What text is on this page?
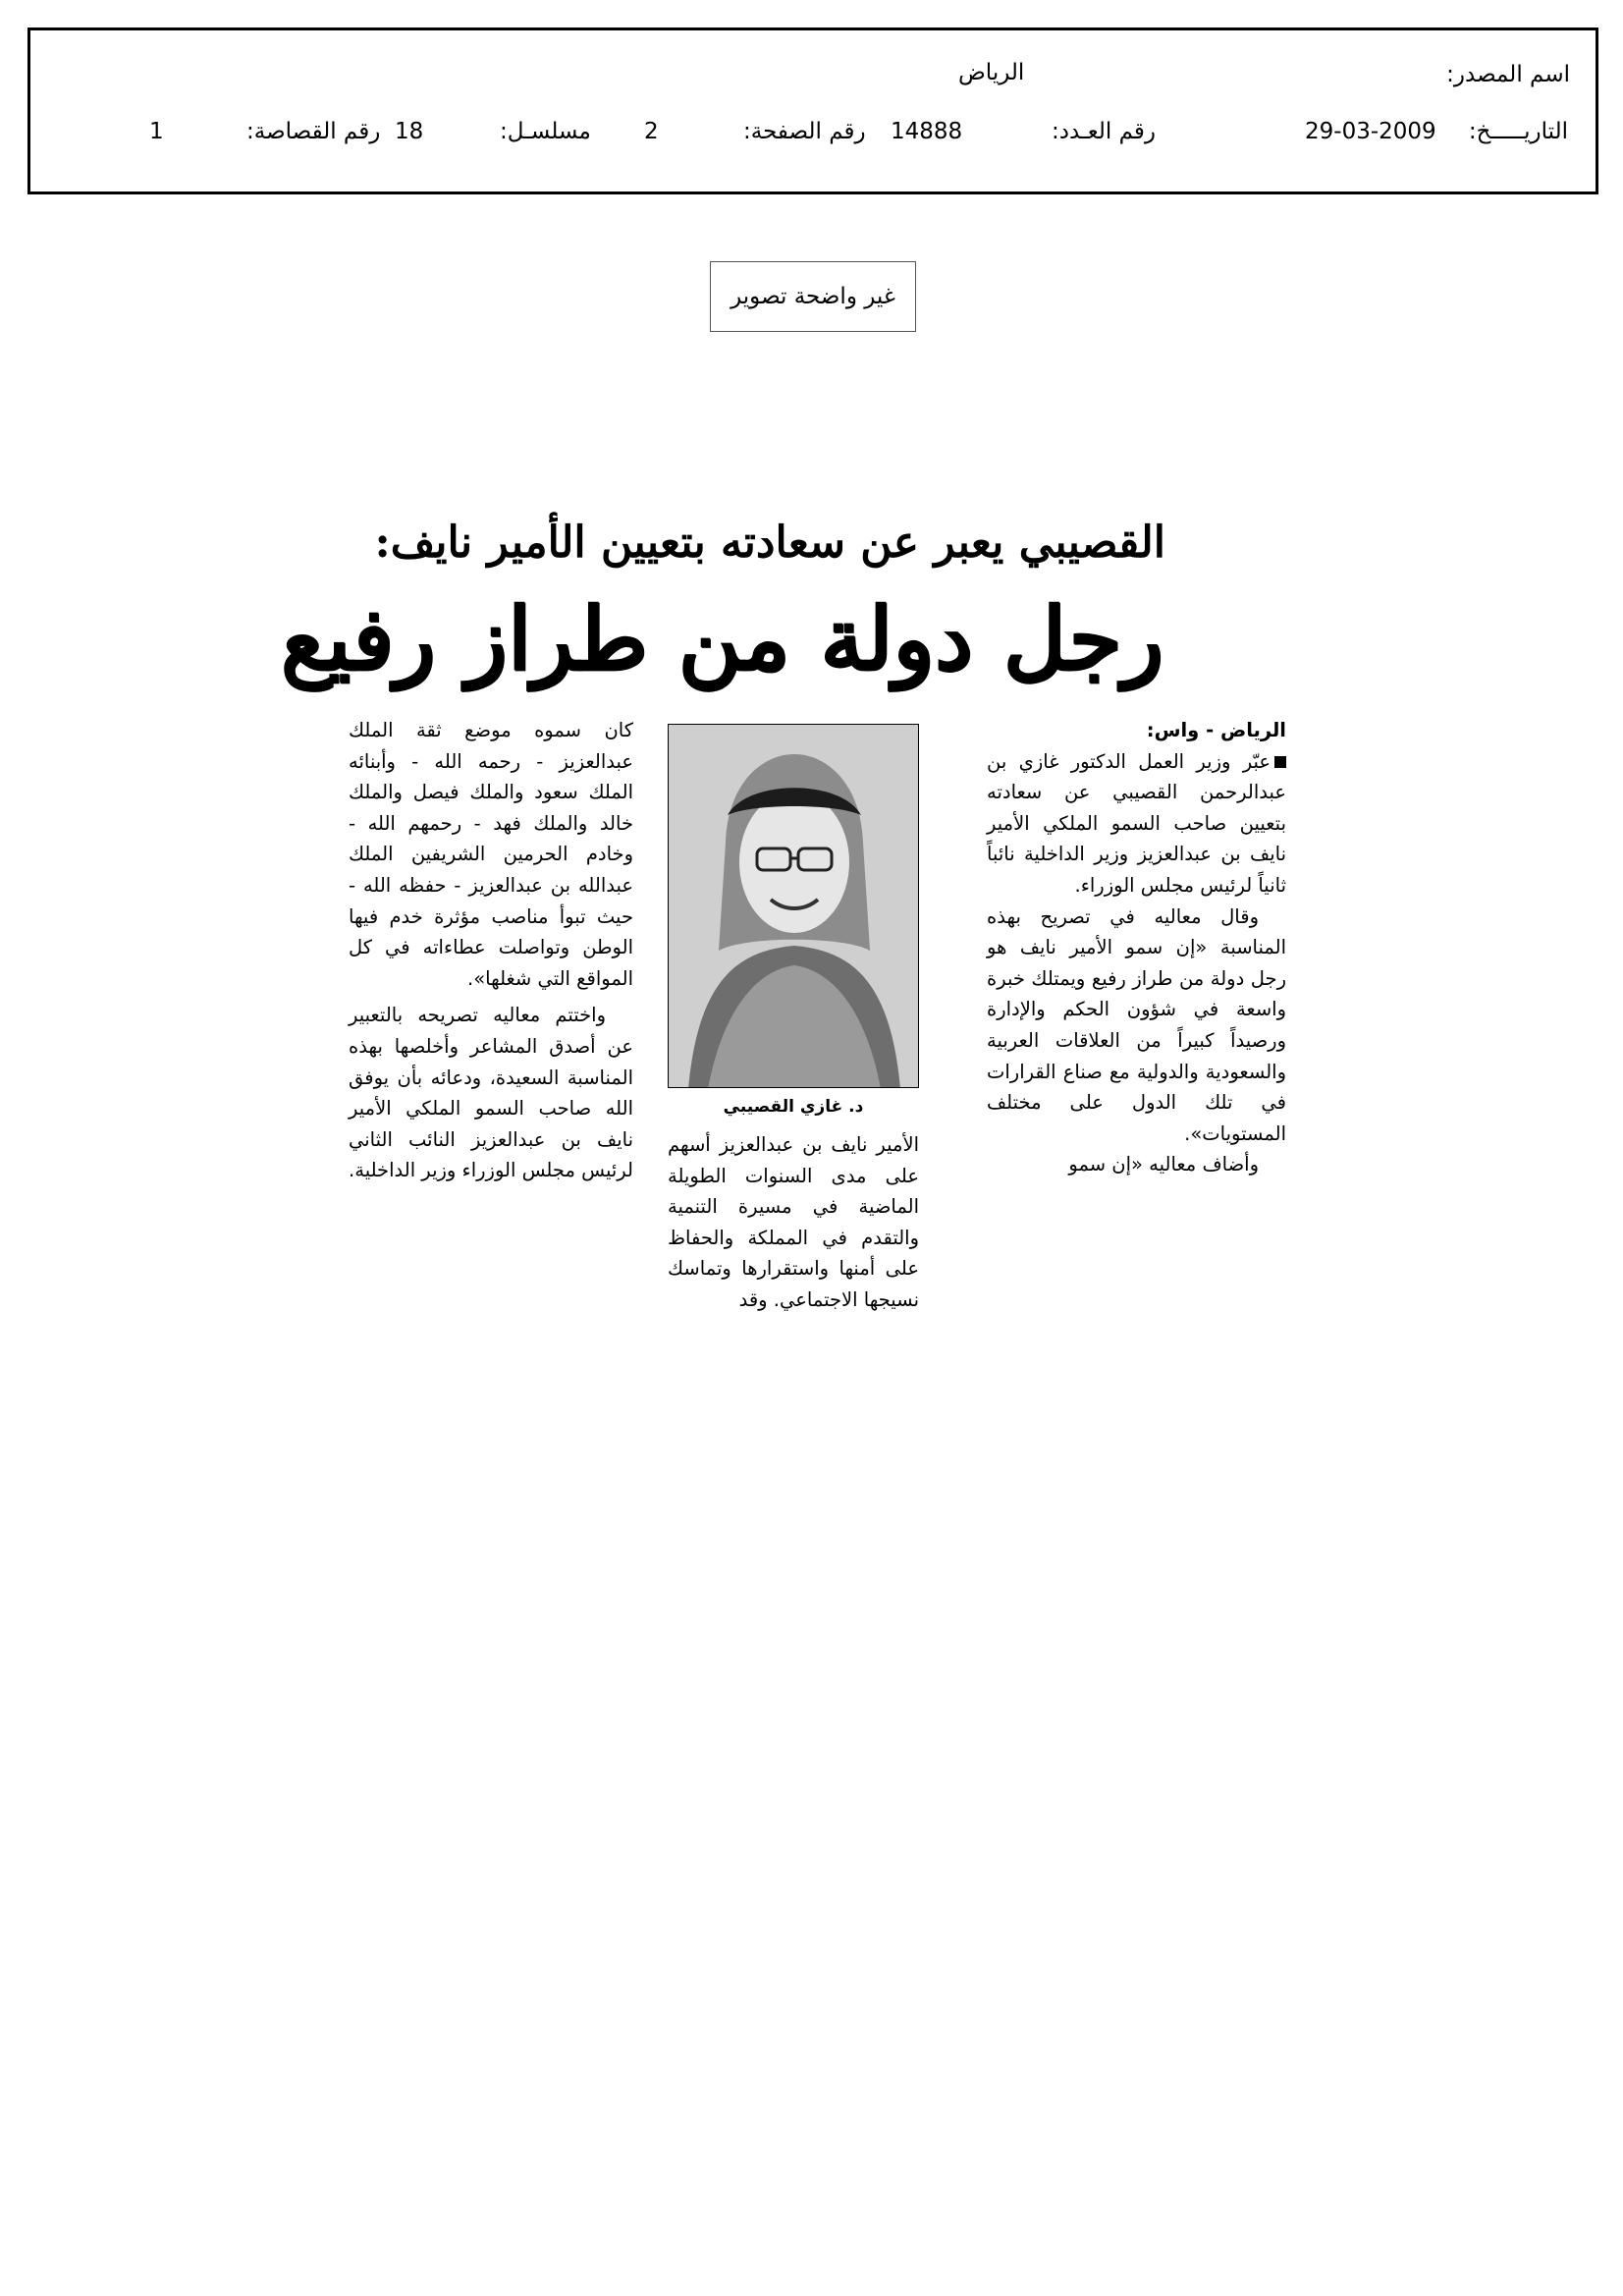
اسم المصدر:
الرياض
التاريـــــخ:
29-03-2009
رقم العـدد:
14888
رقم الصفحة:
2
مسلسـل:
18
رقم القصاصة:
1
غير واضحة تصوير
القصيبي يعبر عن سعادته بتعيين الأمير نايف:
رجل دولة من طراز رفيع

الرياض - واس:

عبّر وزير العمل الدكتور غازي بن عبدالرحمن القصيبي عن سعادته بتعيين صاحب السمو الملكي الأمير نايف بن عبدالعزيز وزير الداخلية نائباً ثانياً لرئيس مجلس الوزراء.

وقال معاليه في تصريح بهذه المناسبة «إن سمو الأمير نايف هو رجل دولة من طراز رفيع ويمتلك خبرة واسعة في شؤون الحكم والإدارة ورصيداً كبيراً من العلاقات العربية والسعودية والدولية مع صناع القرارات في تلك الدول على مختلف المستويات».

وأضاف معاليه «إن سمو

د. غازي القصيبي

الأمير نايف بن عبدالعزيز أسهم على مدى السنوات الطويلة الماضية في مسيرة التنمية والتقدم في المملكة والحفاظ على أمنها واستقرارها وتماسك نسيجها الاجتماعي. وقد

كان سموه موضع ثقة الملك عبدالعزيز - رحمه الله - وأبنائه الملك سعود والملك فيصل والملك خالد والملك فهد - رحمهم الله - وخادم الحرمين الشريفين الملك عبدالله بن عبدالعزيز - حفظه الله - حيث تبوأ مناصب مؤثرة خدم فيها الوطن وتواصلت عطاءاته في كل المواقع التي شغلها».

واختتم معاليه تصريحه بالتعبير عن أصدق المشاعر وأخلصها بهذه المناسبة السعيدة، ودعائه بأن يوفق الله صاحب السمو الملكي الأمير نايف بن عبدالعزيز النائب الثاني لرئيس مجلس الوزراء وزير الداخلية.
